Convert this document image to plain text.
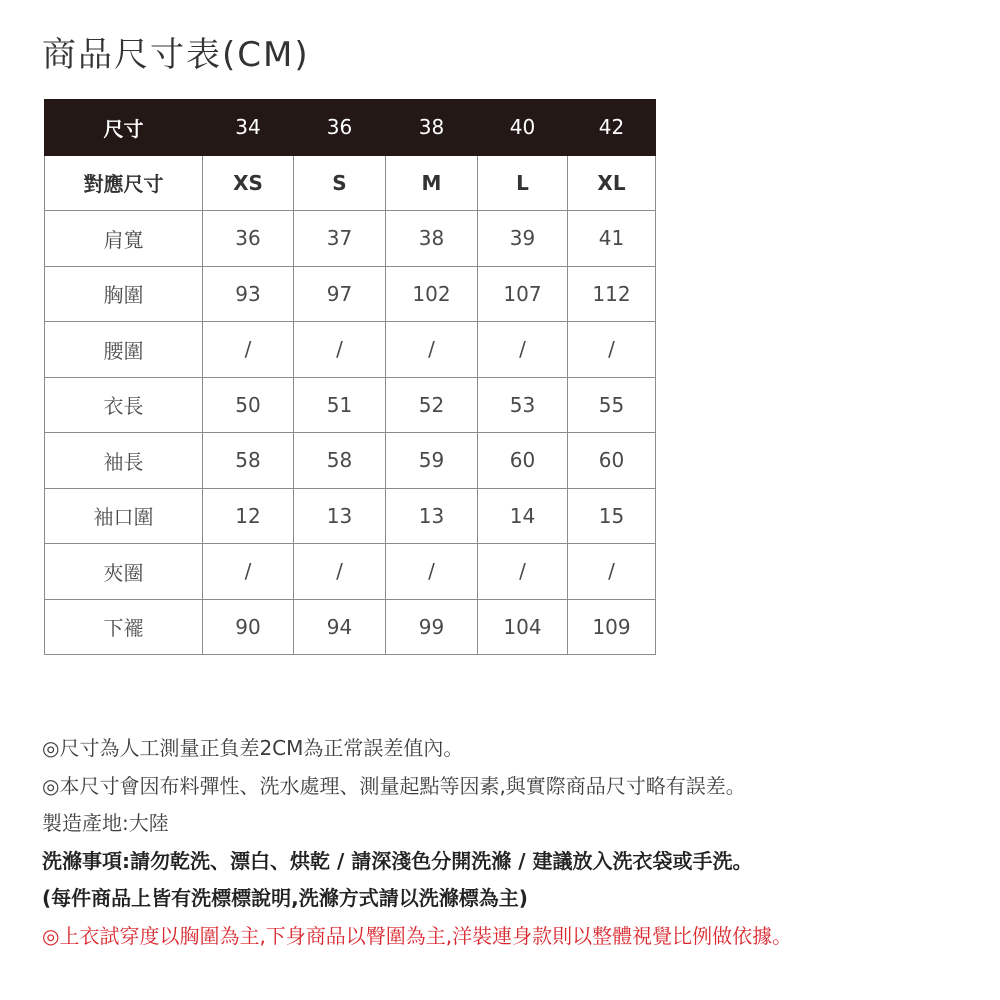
商品尺寸表(CM)
尺寸	34	36	38	40	42
對應尺寸	XS	S	M	L	XL
肩寬	36	37	38	39	41
胸圍	93	97	102	107	112
腰圍	/	/	/	/	/
衣長	50	51	52	53	55
袖長	58	58	59	60	60
袖口圍	12	13	13	14	15
夾圈	/	/	/	/	/
下襬	90	94	99	104	109
◎尺寸為人工測量正負差2CM為正常誤差值內。
◎本尺寸會因布料彈性、洗水處理、測量起點等因素,與實際商品尺寸略有誤差。
製造產地:大陸
洗滌事項:請勿乾洗、漂白、烘乾 / 請深淺色分開洗滌 / 建議放入洗衣袋或手洗。
(每件商品上皆有洗標標說明,洗滌方式請以洗滌標為主)
◎上衣試穿度以胸圍為主,下身商品以臀圍為主,洋裝連身款則以整體視覺比例做依據。
